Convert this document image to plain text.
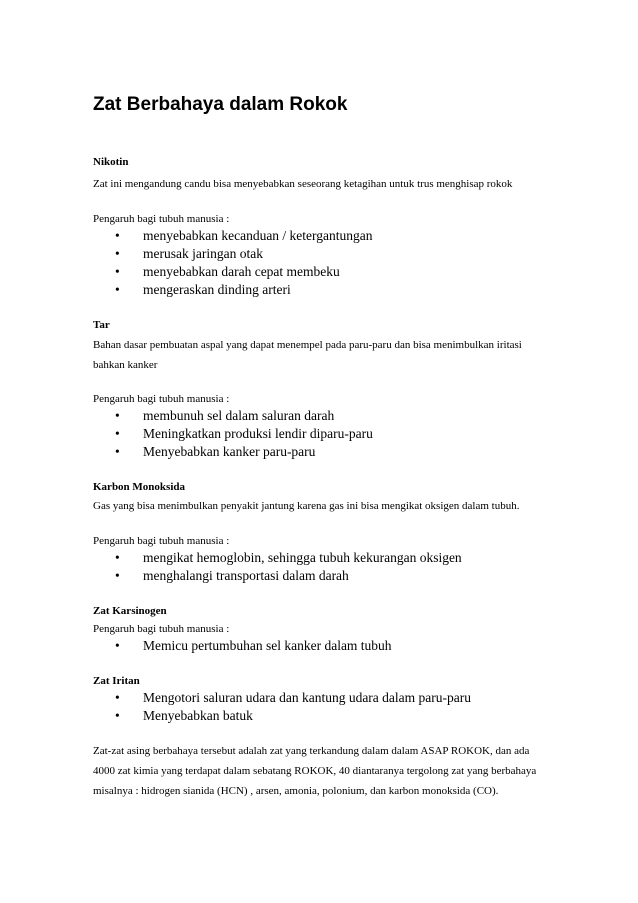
Zat Berbahaya dalam Rokok

Nikotin

Zat ini mengandung candu bisa menyebabkan seseorang ketagihan untuk trus menghisap rokok

Pengaruh bagi tubuh manusia :

• menyebabkan kecanduan / ketergantungan
• merusak jaringan otak
• menyebabkan darah cepat membeku
• mengeraskan dinding arteri

Tar

Bahan dasar pembuatan aspal yang dapat menempel pada paru-paru dan bisa menimbulkan iritasi bahkan kanker

Pengaruh bagi tubuh manusia :

• membunuh sel dalam saluran darah
• Meningkatkan produksi lendir diparu-paru
• Menyebabkan kanker paru-paru

Karbon Monoksida

Gas yang bisa menimbulkan penyakit jantung karena gas ini bisa mengikat oksigen dalam tubuh.

Pengaruh bagi tubuh manusia :

• mengikat hemoglobin, sehingga tubuh kekurangan oksigen
• menghalangi transportasi dalam darah

Zat Karsinogen

Pengaruh bagi tubuh manusia :

• Memicu pertumbuhan sel kanker dalam tubuh

Zat Iritan

• Mengotori saluran udara dan kantung udara dalam paru-paru
• Menyebabkan batuk

Zat-zat asing berbahaya tersebut adalah zat yang terkandung dalam dalam ASAP ROKOK, dan ada 4000 zat kimia yang terdapat dalam sebatang ROKOK, 40 diantaranya tergolong zat yang berbahaya misalnya : hidrogen sianida (HCN) , arsen, amonia, polonium, dan karbon monoksida (CO).
